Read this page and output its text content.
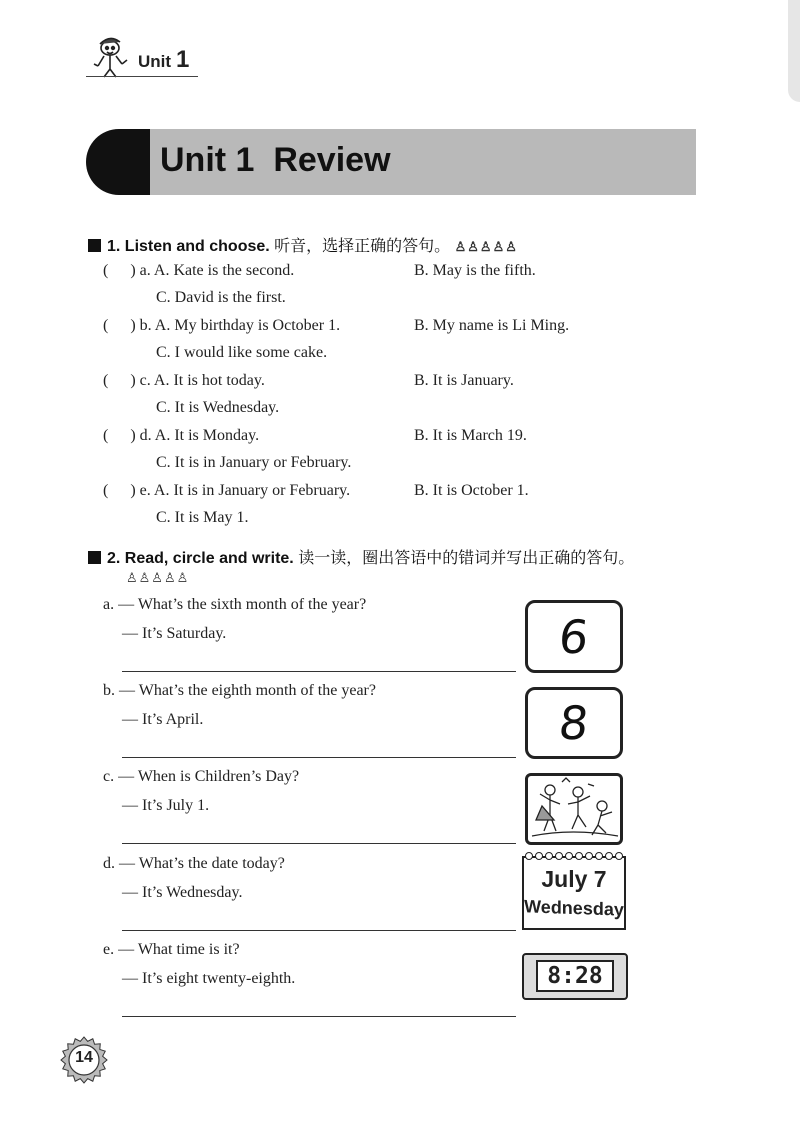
Unit 1
Unit 1  Review
1. Listen and choose. 听音，选择正确的答句。 ♙♙♙♙♙
( ) a. A. Kate is the second.	B. May is the fifth.
C. David is the first.
( ) b. A. My birthday is October 1.	B. My name is Li Ming.
C. I would like some cake.
( ) c. A. It is hot today.	B. It is January.
C. It is Wednesday.
( ) d. A. It is Monday.	B. It is March 19.
C. It is in January or February.
( ) e. A. It is in January or February.	B. It is October 1.
C. It is May 1.
2. Read, circle and write. 读一读，圈出答语中的错词并写出正确的答句。
♙♙♙♙♙
a. — What’s the sixth month of the year?
— It’s Saturday.
b. — What’s the eighth month of the year?
— It’s April.
c. — When is Children’s Day?
— It’s July 1.
d. — What’s the date today?
— It’s Wednesday.
e. — What time is it?
— It’s eight twenty-eighth.
6
8
July 7
Wednesday
8:28
14
